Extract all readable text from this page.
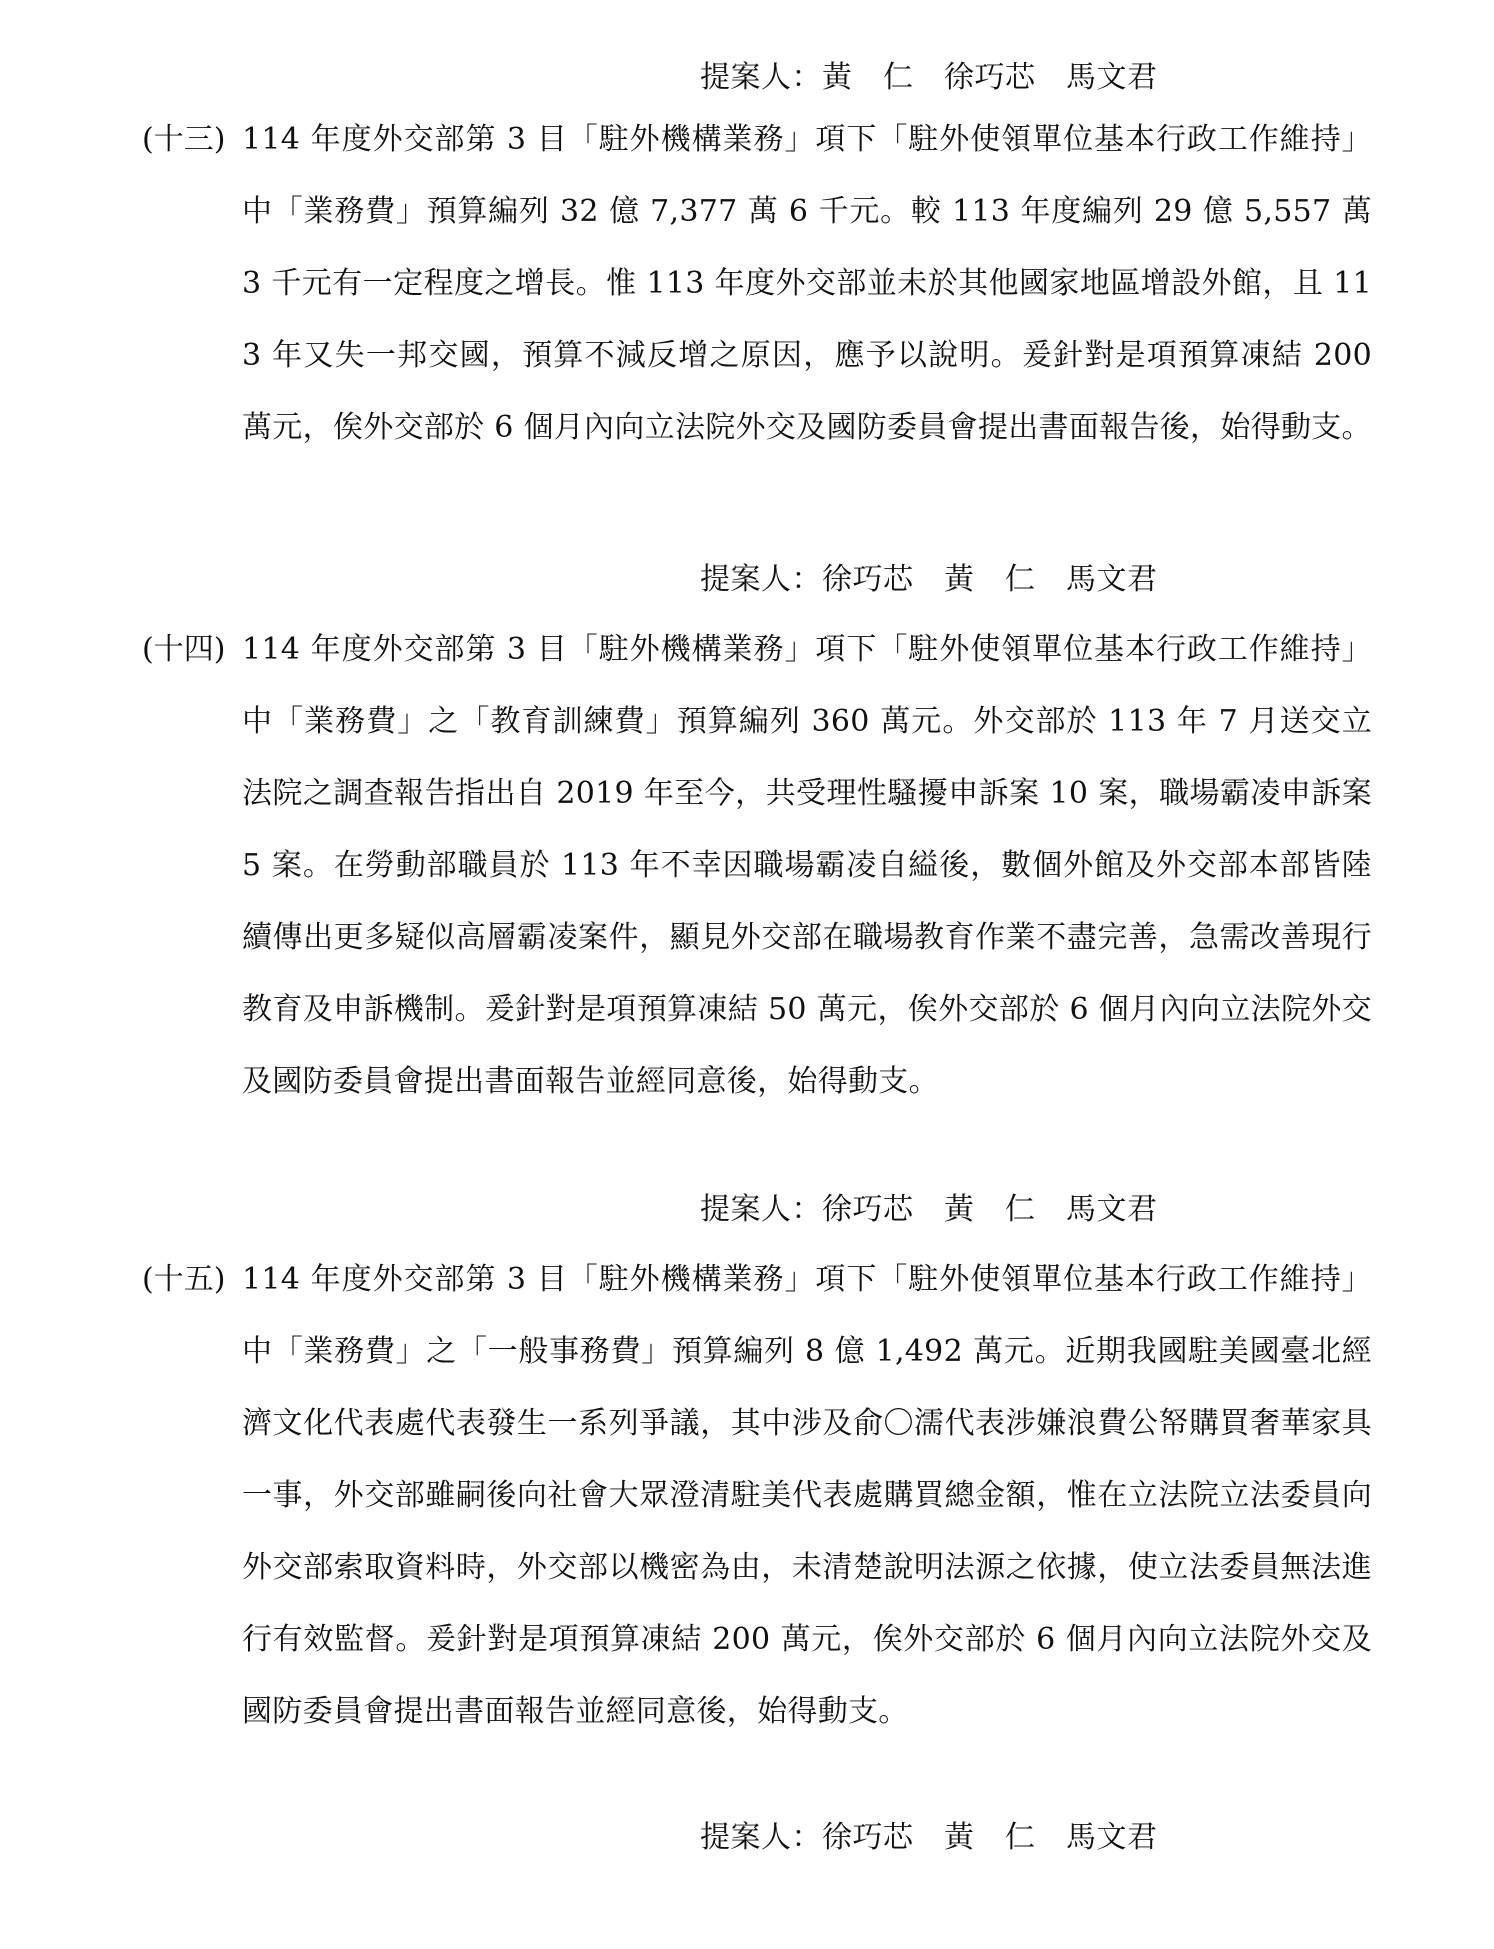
提案人：黃　仁　徐巧芯　馬文君
(十三) 114 年度外交部第 3 目「駐外機構業務」項下「駐外使領單位基本行政工作維持」中「業務費」預算編列 32 億 7,377 萬 6 千元。較 113 年度編列 29 億 5,557 萬 3 千元有一定程度之增長。惟 113 年度外交部並未於其他國家地區增設外館，且 113 年又失一邦交國，預算不減反增之原因，應予以說明。爰針對是項預算凍結 200 萬元，俟外交部於 6 個月內向立法院外交及國防委員會提出書面報告後，始得動支。
提案人：徐巧芯　黃　仁　馬文君
(十四) 114 年度外交部第 3 目「駐外機構業務」項下「駐外使領單位基本行政工作維持」中「業務費」之「教育訓練費」預算編列 360 萬元。外交部於 113 年 7 月送交立法院之調查報告指出自 2019 年至今，共受理性騷擾申訴案 10 案，職場霸凌申訴案 5 案。在勞動部職員於 113 年不幸因職場霸凌自縊後，數個外館及外交部本部皆陸續傳出更多疑似高層霸凌案件，顯見外交部在職場教育作業不盡完善，急需改善現行教育及申訴機制。爰針對是項預算凍結 50 萬元，俟外交部於 6 個月內向立法院外交及國防委員會提出書面報告並經同意後，始得動支。
提案人：徐巧芯　黃　仁　馬文君
(十五) 114 年度外交部第 3 目「駐外機構業務」項下「駐外使領單位基本行政工作維持」中「業務費」之「一般事務費」預算編列 8 億 1,492 萬元。近期我國駐美國臺北經濟文化代表處代表發生一系列爭議，其中涉及俞〇濡代表涉嫌浪費公帑購買奢華家具一事，外交部雖嗣後向社會大眾澄清駐美代表處購買總金額，惟在立法院立法委員向外交部索取資料時，外交部以機密為由，未清楚說明法源之依據，使立法委員無法進行有效監督。爰針對是項預算凍結 200 萬元，俟外交部於 6 個月內向立法院外交及國防委員會提出書面報告並經同意後，始得動支。
提案人：徐巧芯　黃　仁　馬文君
